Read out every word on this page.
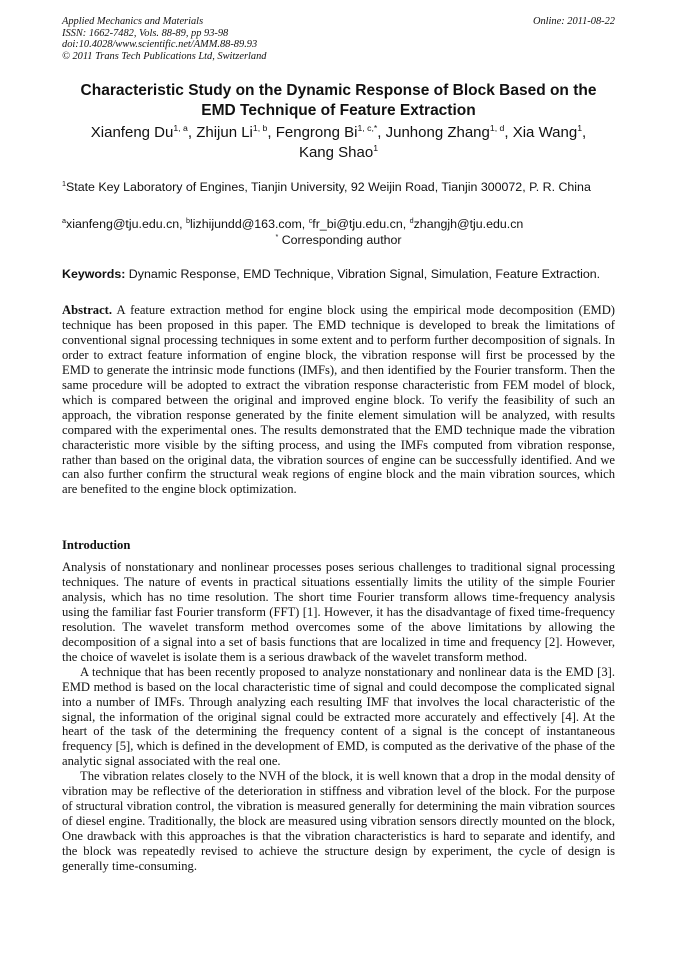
Applied Mechanics and Materials
ISSN: 1662-7482, Vols. 88-89, pp 93-98
doi:10.4028/www.scientific.net/AMM.88-89.93
© 2011 Trans Tech Publications Ltd, Switzerland
Online: 2011-08-22
Characteristic Study on the Dynamic Response of Block Based on the EMD Technique of Feature Extraction
Xianfeng Du$^{1, a}$, Zhijun Li$^{1, b}$, Fengrong $Bi^{1, c,*}$, Junhong Zhang$^{1, d}$, Xia Wang$^1$,
Kang Shao$^1$
$^1$State Key Laboratory of Engines, Tianjin University, 92 Weijin Road, Tianjin 300072, P. R. China
$^a$xianfeng@tju.edu.cn, $^b$lizhijundd@163.com, $^c$fr_bi@tju.edu.cn, $^d$zhangjh@tju.edu.cn
* Corresponding author
Keywords: Dynamic Response, EMD Technique, Vibration Signal, Simulation, Feature Extraction.
Abstract. A feature extraction method for engine block using the empirical mode decomposition (EMD) technique has been proposed in this paper. The EMD technique is developed to break the limitations of conventional signal processing techniques in some extent and to perform further decomposition of signals. In order to extract feature information of engine block, the vibration response will first be processed by the EMD to generate the intrinsic mode functions (IMFs), and then identified by the Fourier transform. Then the same procedure will be adopted to extract the vibration response characteristic from FEM model of block, which is compared between the original and improved engine block. To verify the feasibility of such an approach, the vibration response generated by the finite element simulation will be analyzed, with results compared with the experimental ones. The results demonstrated that the EMD technique made the vibration characteristic more visible by the sifting process, and using the IMFs computed from vibration response, rather than based on the original data, the vibration sources of engine can be successfully identified. And we can also further confirm the structural weak regions of engine block and the main vibration sources, which are benefited to the engine block optimization.
Introduction

Analysis of nonstationary and nonlinear processes poses serious challenges to traditional signal processing techniques. The nature of events in practical situations essentially limits the utility of the simple Fourier analysis, which has no time resolution. The short time Fourier transform allows time-frequency analysis using the familiar fast Fourier transform (FFT) [1]. However, it has the disadvantage of fixed time-frequency resolution. The wavelet transform method overcomes some of the above limitations by allowing the decomposition of a signal into a set of basis functions that are localized in time and frequency [2]. However, the choice of wavelet is isolate them is a serious drawback of the wavelet transform method.

A technique that has been recently proposed to analyze nonstationary and nonlinear data is the EMD [3]. EMD method is based on the local characteristic time of signal and could decompose the complicated signal into a number of IMFs. Through analyzing each resulting IMF that involves the local characteristic of the signal, the information of the original signal could be extracted more accurately and effectively [4]. At the heart of the task of the determining the frequency content of a signal is the concept of instantaneous frequency [5], which is defined in the development of EMD, is computed as the derivative of the phase of the analytic signal associated with the real one.

The vibration relates closely to the NVH of the block, it is well known that a drop in the modal density of vibration may be reflective of the deterioration in stiffness and vibration level of the block. For the purpose of structural vibration control, the vibration is measured generally for determining the main vibration sources of diesel engine. Traditionally, the block are measured using vibration sensors directly mounted on the block, One drawback with this approaches is that the vibration characteristics is hard to separate and identify, and the block was repeatedly revised to achieve the structure design by experiment, the cycle of design is generally time-consuming.
